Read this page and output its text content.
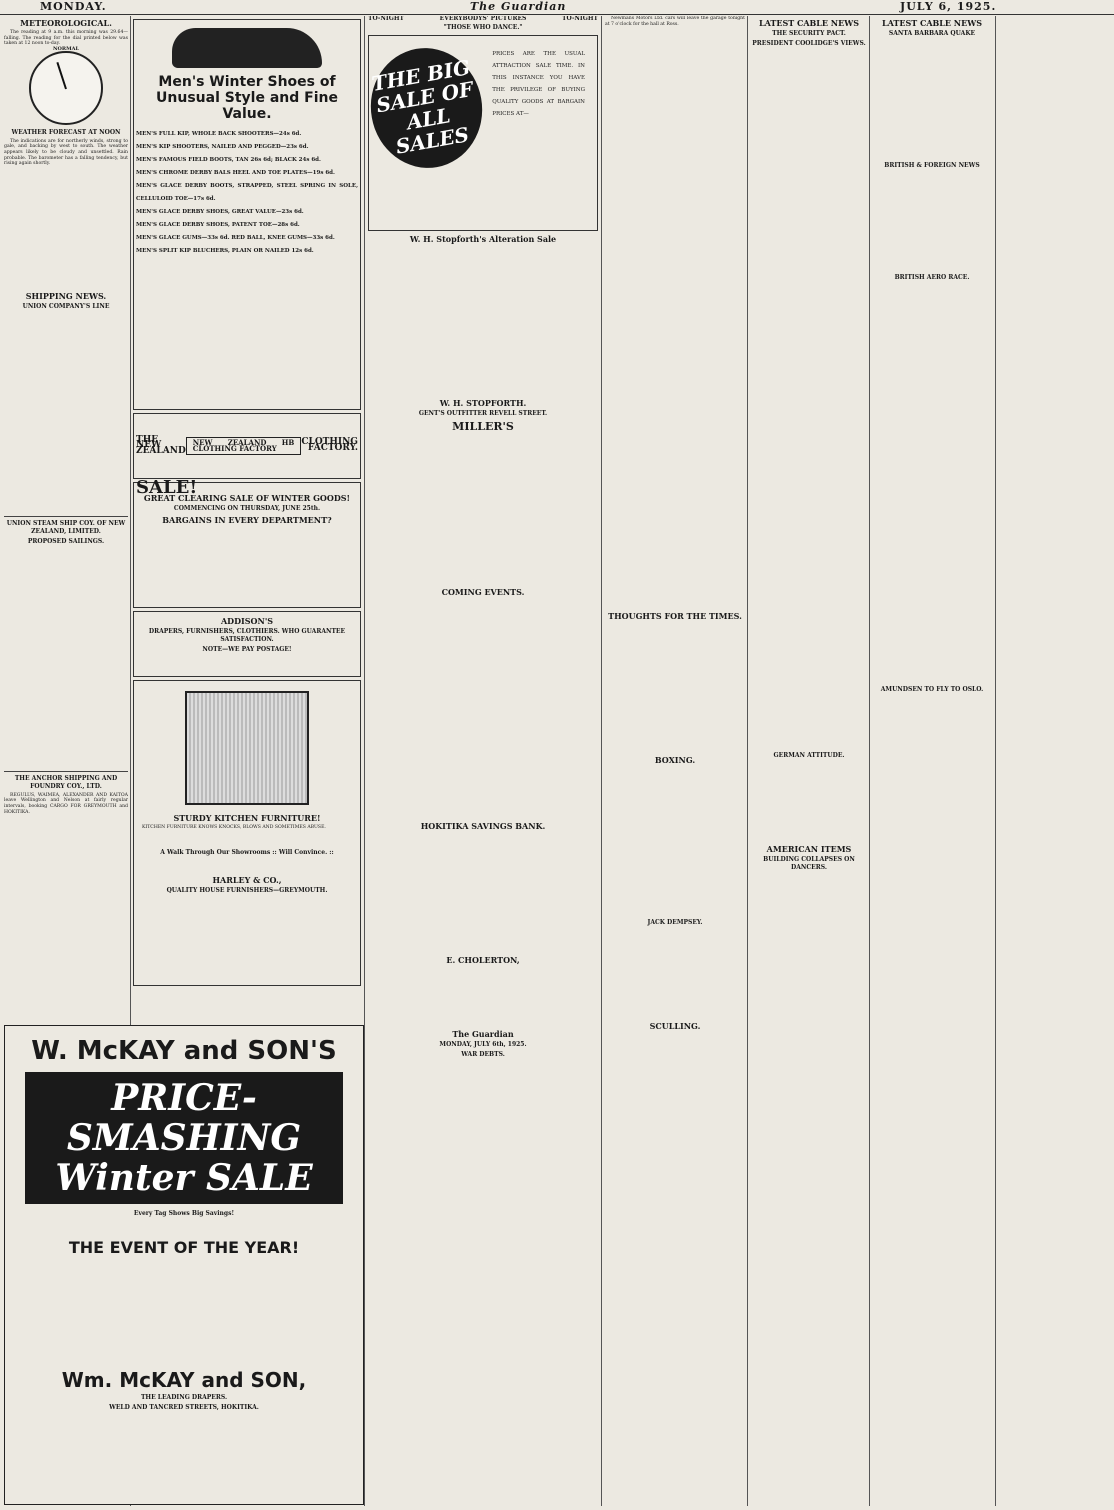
MONDAY.	The Guardian	JULY 6, 1925.
METEOROLOGICAL.

The reading at 9 a.m. this morning was 29.64—falling. The reading for the dial printed below was taken at 12 noon to-day.

NORMAL
WEATHER FORECAST AT NOON

The indications are for northerly winds, strong to gale, and backing by west to south. The weather appears likely to be cloudy and unsettled. Rain probable. The barometer has a falling tendency, but rising again shortly.

SHIPPING NEWS.
UNION COMPANY'S LINE
UNION STEAM SHIP COY. OF NEW ZEALAND, LIMITED.
PROPOSED SAILINGS.
THE ANCHOR SHIPPING AND FOUNDRY COY., LTD.

REGULUS, WAIMEA, ALEXANDER AND KAITOA leave Wellington and Nelson at fairly regular intervals, booking CARGO FOR GREYMOUTH and HOKITIKA.

Men's Winter Shoes of Unusual Style and Fine Value.
MEN'S FULL KIP, WHOLE BACK SHOOTERS—24s 6d.
MEN'S KIP SHOOTERS, NAILED AND PEGGED—23s 6d.
MEN'S FAMOUS FIELD BOOTS, TAN 26s 6d; BLACK 24s 6d.
MEN'S CHROME DERBY BALS HEEL AND TOE PLATES—19s 6d.
MEN'S GLACE DERBY BOOTS, STRAPPED, STEEL SPRING IN SOLE, CELLULOID TOE—17s 6d.
MEN'S GLACE DERBY SHOES, GREAT VALUE—23s 6d.
MEN'S GLACE DERBY SHOES, PATENT TOE—28s 6d.
MEN'S GLACE GUMS—33s 6d. RED BALL, KNEE GUMS—33s 6d.
MEN'S SPLIT KIP BLUCHERS, PLAIN OR NAILED 12s 6d.
THE NEW ZEALAND
NEW ZEALAND HB CLOTHING FACTORY
CLOTHING FACTORY.
SALE!
GREAT CLEARING SALE OF WINTER GOODS!
COMMENCING ON THURSDAY, JUNE 25th.
BARGAINS IN EVERY DEPARTMENT?
ADDISON'S
DRAPERS, FURNISHERS, CLOTHIERS. WHO GUARANTEE SATISFACTION.
NOTE—WE PAY POSTAGE!
STURDY KITCHEN FURNITURE!

KITCHEN FURNITURE KNOWS KNOCKS, BLOWS AND SOMETIMES ABUSE.

A Walk Through Our Showrooms :: Will Convince. ::
HARLEY & CO.,
QUALITY HOUSE FURNISHERS—GREYMOUTH.
TO-NIGHT	EVERYBODYS' PICTURES	TO-NIGHT
"THOSE WHO DANCE."
THE BIG SALE OF ALL SALES
PRICES ARE THE USUAL ATTRACTION SALE TIME. IN THIS INSTANCE YOU HAVE THE PRIVILEGE OF BUYING QUALITY GOODS AT BARGAIN PRICES AT—
W. H. Stopforth's Alteration Sale
W. H. STOPFORTH.
GENT'S OUTFITTER REVELL STREET.
MILLER'S
COMING EVENTS.
HOKITIKA SAVINGS BANK.
E. CHOLERTON,
The Guardian
MONDAY, JULY 6th, 1925.
WAR DEBTS.

Newmans Motors Ltd. cars will leave the garage tonight at 7 o'clock for the hall at Ross.

THOUGHTS FOR THE TIMES.
BOXING.
JACK DEMPSEY.
SCULLING.
LATEST CABLE NEWS
THE SECURITY PACT.
PRESIDENT COOLIDGE'S VIEWS.
GERMAN ATTITUDE.
AMERICAN ITEMS
BUILDING COLLAPSES ON DANCERS.
LATEST CABLE NEWS
SANTA BARBARA QUAKE
BRITISH & FOREIGN NEWS
BRITISH AERO RACE.
AMUNDSEN TO FLY TO OSLO.
W. McKAY and SON'S
PRICE-SMASHING Winter SALE
Every Tag Shows Big Savings!
THE EVENT OF THE YEAR!
Wm. McKAY and SON,
THE LEADING DRAPERS.
WELD AND TANCRED STREETS, HOKITIKA.
